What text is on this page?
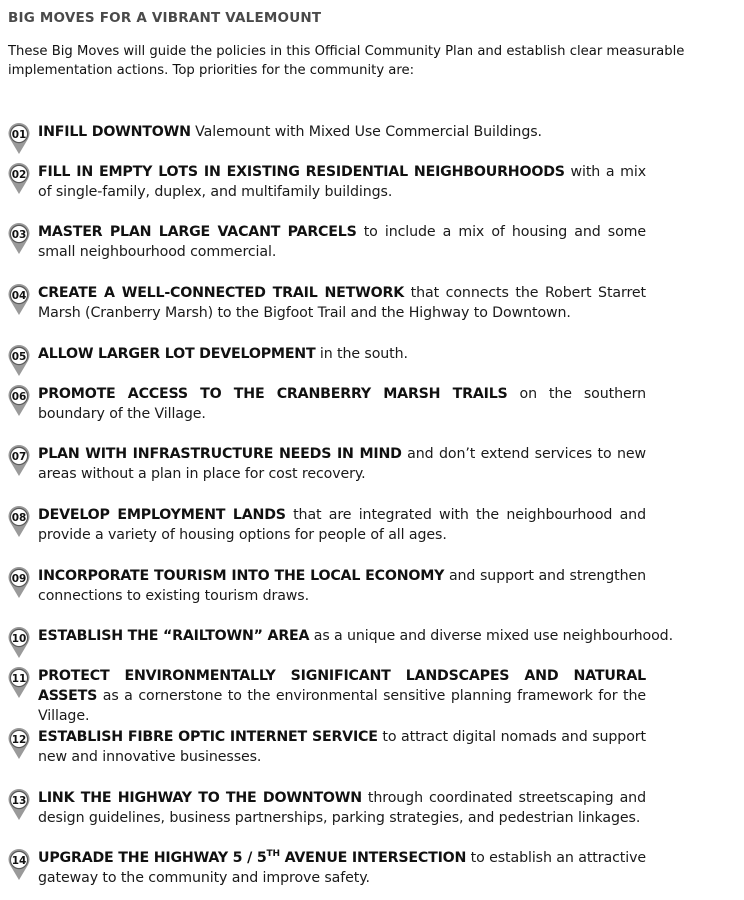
BIG MOVES FOR A VIBRANT VALEMOUNT
These Big Moves will guide the policies in this Official Community Plan and establish clear measurable implementation actions. Top priorities for the community are:
01 INFILL DOWNTOWN Valemount with Mixed Use Commercial Buildings.
02 FILL IN EMPTY LOTS IN EXISTING RESIDENTIAL NEIGHBOURHOODS with a mix of single-family, duplex, and multifamily buildings.
03 MASTER PLAN LARGE VACANT PARCELS to include a mix of housing and some small neighbourhood commercial.
04 CREATE A WELL-CONNECTED TRAIL NETWORK that connects the Robert Starret Marsh (Cranberry Marsh) to the Bigfoot Trail and the Highway to Downtown.
05 ALLOW LARGER LOT DEVELOPMENT in the south.
06 PROMOTE ACCESS TO THE CRANBERRY MARSH TRAILS on the southern boundary of the Village.
07 PLAN WITH INFRASTRUCTURE NEEDS IN MIND and don’t extend services to new areas without a plan in place for cost recovery.
08 DEVELOP EMPLOYMENT LANDS that are integrated with the neighbourhood and provide a variety of housing options for people of all ages.
09 INCORPORATE TOURISM INTO THE LOCAL ECONOMY and support and strengthen connections to existing tourism draws.
10 ESTABLISH THE “RAILTOWN” AREA as a unique and diverse mixed use neighbourhood.
11 PROTECT ENVIRONMENTALLY SIGNIFICANT LANDSCAPES AND NATURAL ASSETS as a cornerstone to the environmental sensitive planning framework for the Village.
12 ESTABLISH FIBRE OPTIC INTERNET SERVICE to attract digital nomads and support new and innovative businesses.
13 LINK THE HIGHWAY TO THE DOWNTOWN through coordinated streetscaping and design guidelines, business partnerships, parking strategies, and pedestrian linkages.
14 UPGRADE THE HIGHWAY 5 / 5TH AVENUE INTERSECTION to establish an attractive gateway to the community and improve safety.
